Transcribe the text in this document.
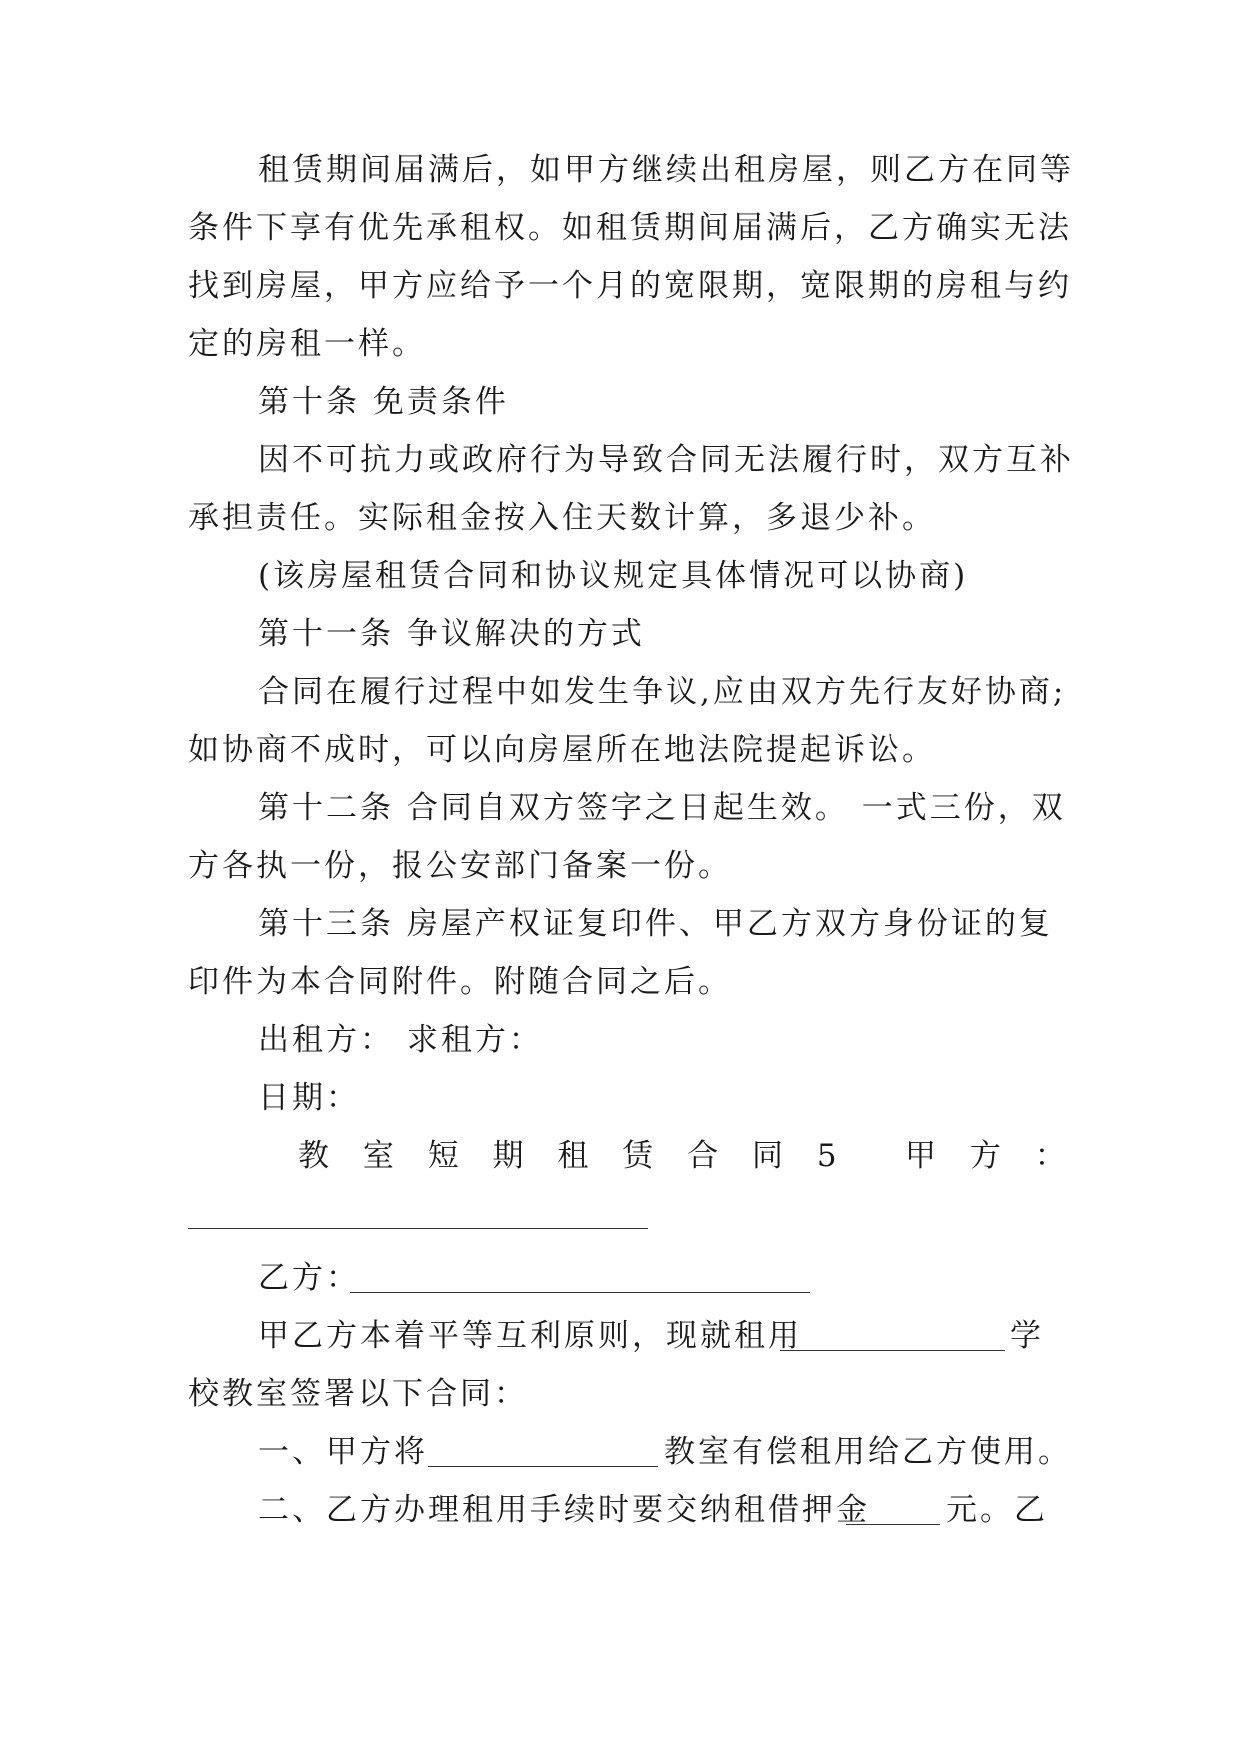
租赁期间届满后，如甲方继续出租房屋，则乙方在同等
条件下享有优先承租权。如租赁期间届满后，乙方确实无法
找到房屋，甲方应给予一个月的宽限期，宽限期的房租与约
定的房租一样。
第十条 免责条件
因不可抗力或政府行为导致合同无法履行时，双方互补
承担责任。实际租金按入住天数计算，多退少补。
(该房屋租赁合同和协议规定具体情况可以协商)
第十一条 争议解决的方式
合同在履行过程中如发生争议,应由双方先行友好协商;
如协商不成时，可以向房屋所在地法院提起诉讼。
第十二条 合同自双方签字之日起生效。 一式三份，双
方各执一份，报公安部门备案一份。
第十三条 房屋产权证复印件、甲乙方双方身份证的复
印件为本合同附件。附随合同之后。
出租方： 求租方：
日期：
教 室 短 期 租 赁 合 同 5 甲 方 ：
乙方：
甲乙方本着平等互利原则，现就租用	学
校教室签署以下合同：
一、甲方将	教室有偿租用给乙方使用。
二、乙方办理租用手续时要交纳租借押金 元。乙
